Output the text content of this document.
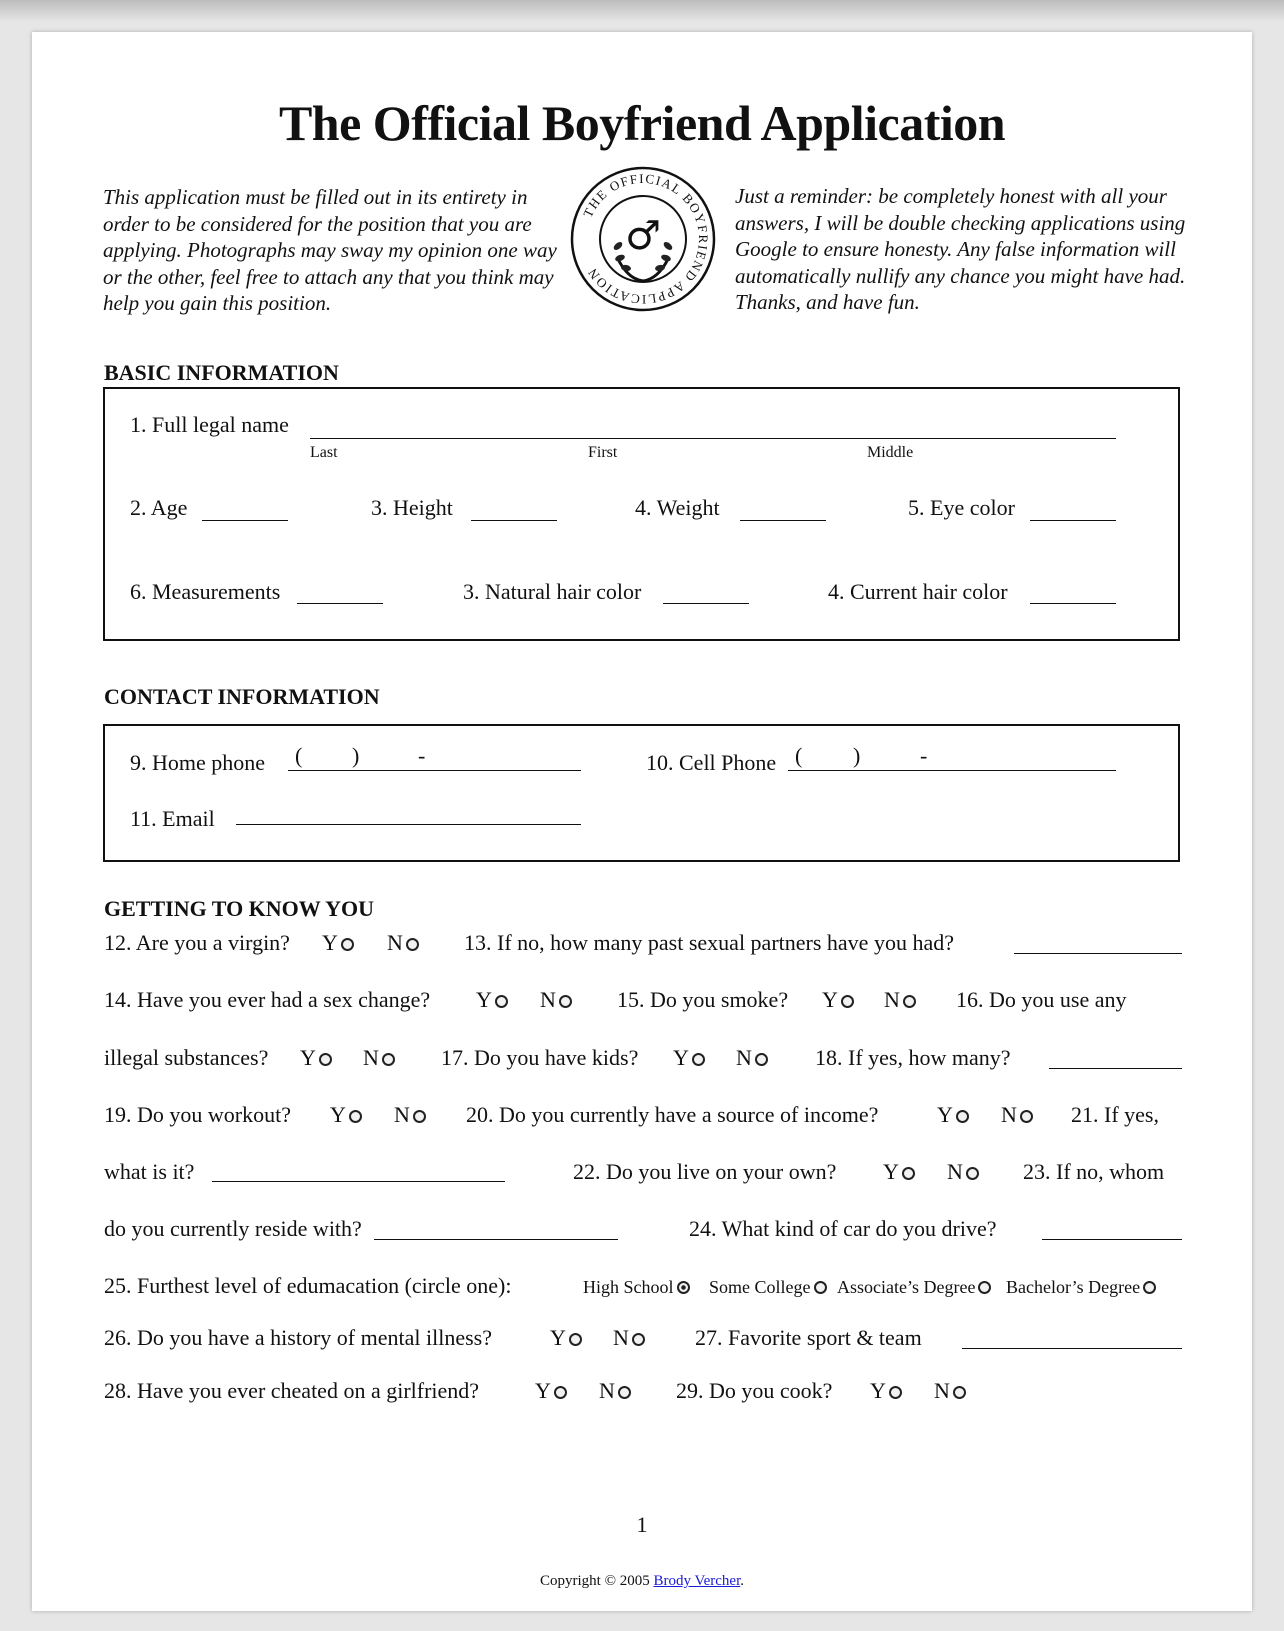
The Official Boyfriend Application
This application must be filled out in its entirety in order to be considered for the position that you are applying. Photographs may sway my opinion one way or the other, feel free to attach any that you think may help you gain this position.
Just a reminder: be completely honest with all your answers, I will be double checking applications using Google to ensure honesty. Any false information will automatically nullify any chance you might have had. Thanks, and have fun.
THE OFFICIAL BOYFRIEND APPLICATION
♂
BASIC INFORMATION
1. Full legal name
Last	First	Middle
2. Age	3. Height	4. Weight	5. Eye color
6. Measurements	3. Natural hair color	4. Current hair color
CONTACT INFORMATION
9. Home phone ( )	-	10. Cell Phone ( )	-
11. Email
GETTING TO KNOW YOU
12. Are you a virgin? Y	N	13. If no, how many past sexual partners have you had?
14. Have you ever had a sex change? Y	N	15. Do you smoke? Y	N	16. Do you use any
illegal substances? Y	N	17. Do you have kids? Y	N	18. If yes, how many?
19. Do you workout? Y	N	20. Do you currently have a source of income?	Y	N	21. If yes,
what is it?	22. Do you live on your own? Y	N	23. If no, whom
do you currently reside with?	24. What kind of car do you drive?
25. Furthest level of edumacation (circle one):	High School	Some College	Associate’s Degree	Bachelor’s Degree
26. Do you have a history of mental illness?	Y	N	27. Favorite sport & team
28. Have you ever cheated on a girlfriend?	Y	N	29. Do you cook? Y	N
1
Copyright © 2005 Brody Vercher.
